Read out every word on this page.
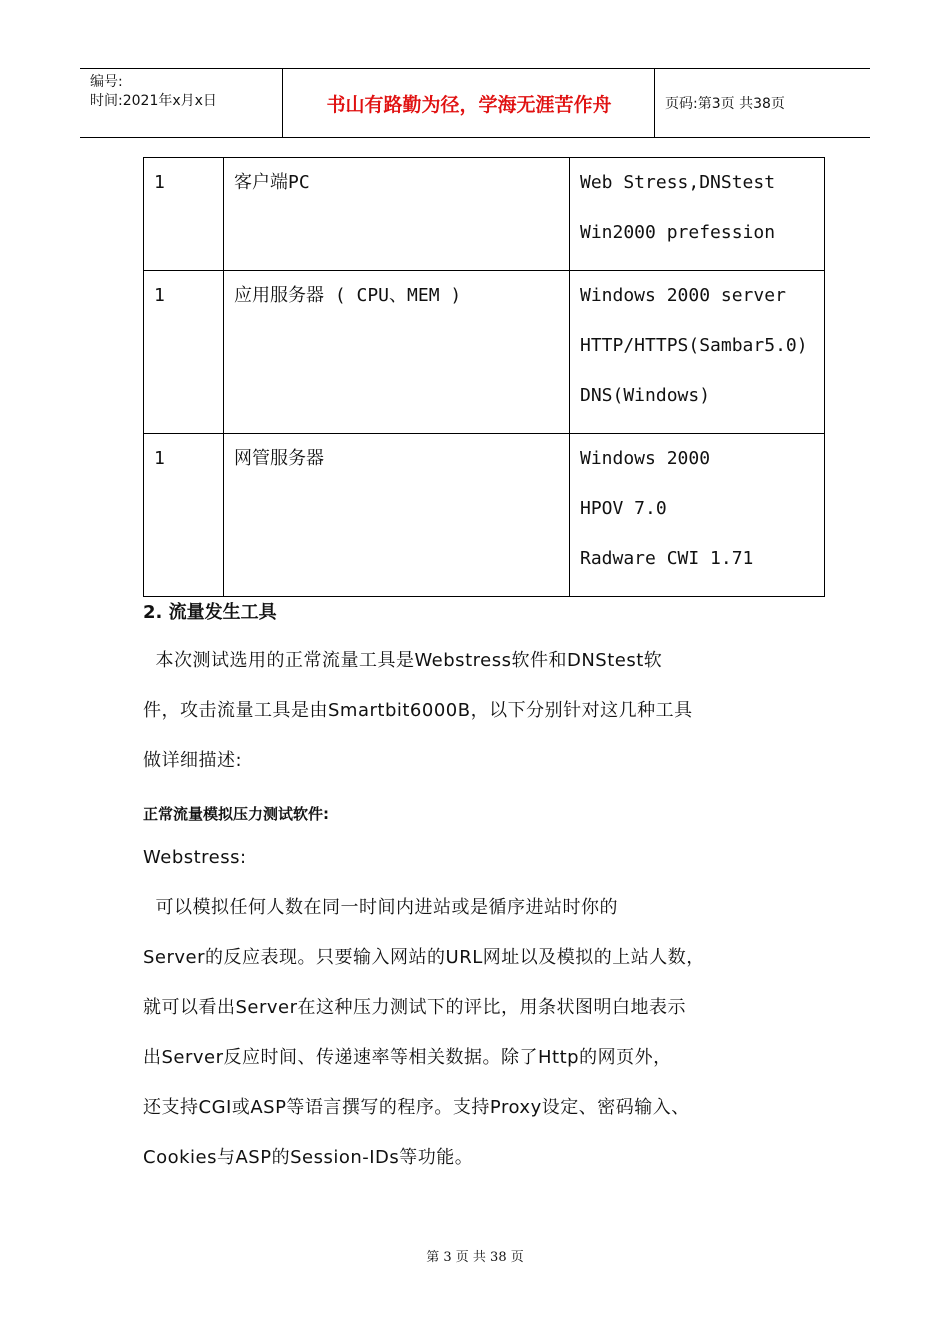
编号:
时间:2021年x月x日	书山有路勤为径，学海无涯苦作舟	页码:第3页 共38页
1	客户端PC	Web Stress,DNStest
Win2000 prefession

1	应用服务器 ( CPU、MEM )	Windows 2000 server
HTTP/HTTPS(Sambar5.0)
DNS(Windows)

1	网管服务器	Windows 2000
HPOV 7.0
Radware CWI 1.71
2. 流量发生工具
本次测试选用的正常流量工具是Webstress软件和DNStest软
件，攻击流量工具是由Smartbit6000B，以下分别针对这几种工具
做详细描述:
正常流量模拟压力测试软件:
Webstress:
可以模拟任何人数在同一时间内进站或是循序进站时你的
Server的反应表现。只要输入网站的URL网址以及模拟的上站人数，
就可以看出Server在这种压力测试下的评比，用条状图明白地表示
出Server反应时间、传递速率等相关数据。除了Http的网页外，
还支持CGI或ASP等语言撰写的程序。支持Proxy设定、密码输入、
Cookies与ASP的Session-IDs等功能。
第 3 页 共 38 页
